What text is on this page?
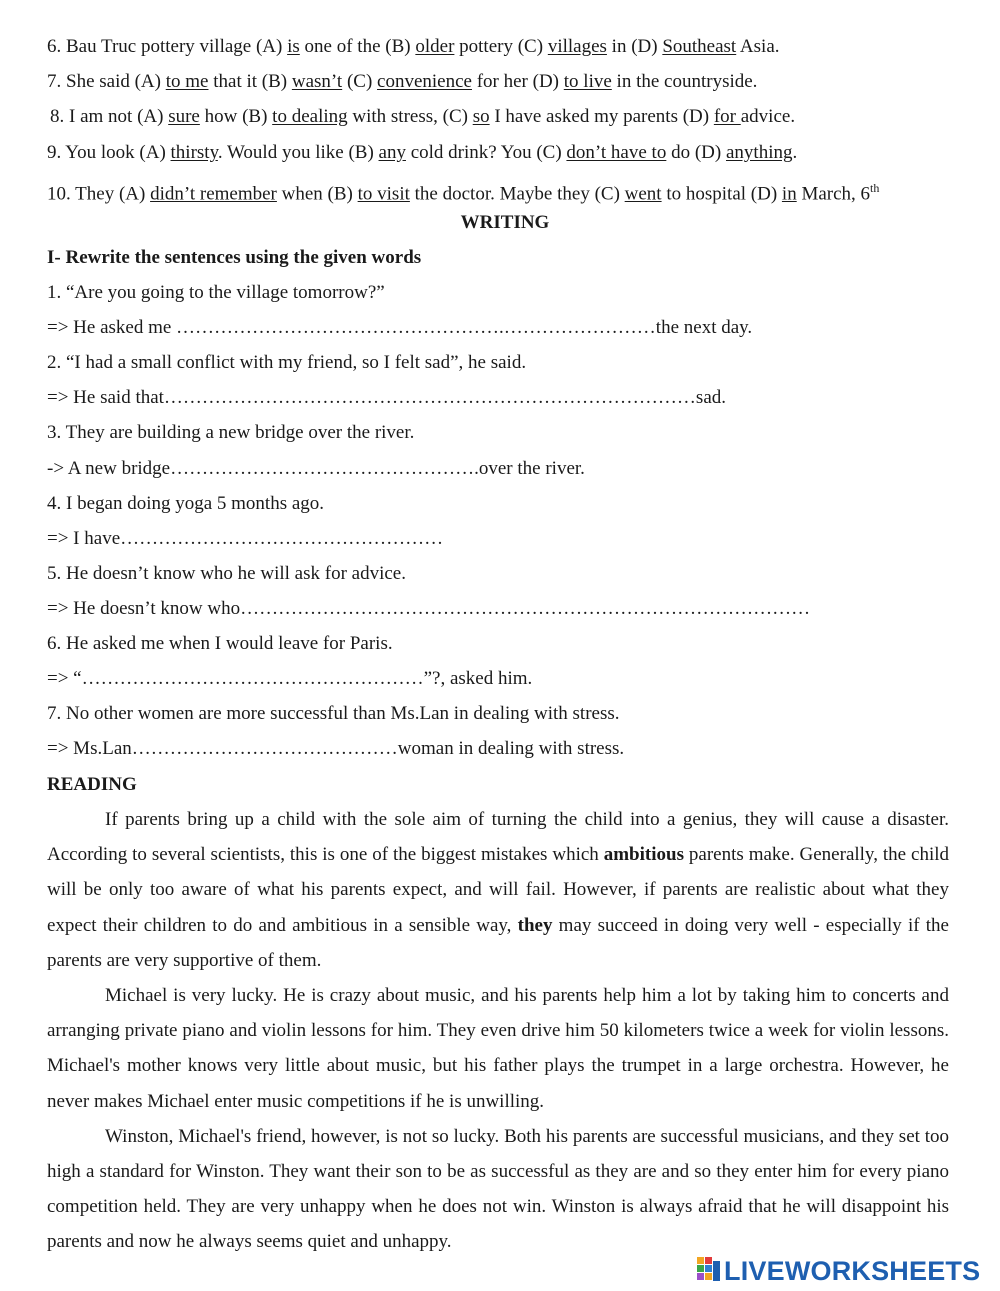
6. Bau Truc pottery village (A) is one of the (B) older pottery (C) villages in (D) Southeast Asia.
7. She said (A) to me that it (B) wasn’t (C) convenience for her (D) to live in the countryside.
8. I am not (A) sure how (B) to dealing with stress, (C) so I have asked my parents (D) for advice.
9. You look (A) thirsty. Would you like (B) any cold drink? You (C) don’t have to do (D) anything.
10. They (A) didn’t remember when (B) to visit the doctor. Maybe they (C) went to hospital (D) in March, 6th
WRITING
I- Rewrite the sentences using the given words
1. “Are you going to the village tomorrow?”
=> He asked me …………………………………………….……………………the next day.
2. “I had a small conflict with my friend, so I felt sad”, he said.
=> He said that…………………………………………………………………………sad.
3. They are building a new bridge over the river.
-> A new bridge………………………………………….over the river.
4. I began doing yoga 5 months ago.
=> I have……………………………………………
5. He doesn’t know who he will ask for advice.
=> He doesn’t know who………………………………………………………………………………
6. He asked me when I would leave for Paris.
=> “………………………………………………”?, asked him.
7. No other women are more successful than Ms.Lan in dealing with stress.
=> Ms.Lan……………………………………woman in dealing with stress.
READING

If parents bring up a child with the sole aim of turning the child into a genius, they will cause a disaster. According to several scientists, this is one of the biggest mistakes which ambitious parents make. Generally, the child will be only too aware of what his parents expect, and will fail. However, if parents are realistic about what they expect their children to do and ambitious in a sensible way, they may succeed in doing very well - especially if the parents are very supportive of them.

Michael is very lucky. He is crazy about music, and his parents help him a lot by taking him to concerts and arranging private piano and violin lessons for him. They even drive him 50 kilometers twice a week for violin lessons. Michael's mother knows very little about music, but his father plays the trumpet in a large orchestra. However, he never makes Michael enter music competitions if he is unwilling.

Winston, Michael's friend, however, is not so lucky. Both his parents are successful musicians, and they set too high a standard for Winston. They want their son to be as successful as they are and so they enter him for every piano competition held. They are very unhappy when he does not win. Winston is always afraid that he will disappoint his parents and now he always seems quiet and unhappy.

LIVEWORKSHEETS
